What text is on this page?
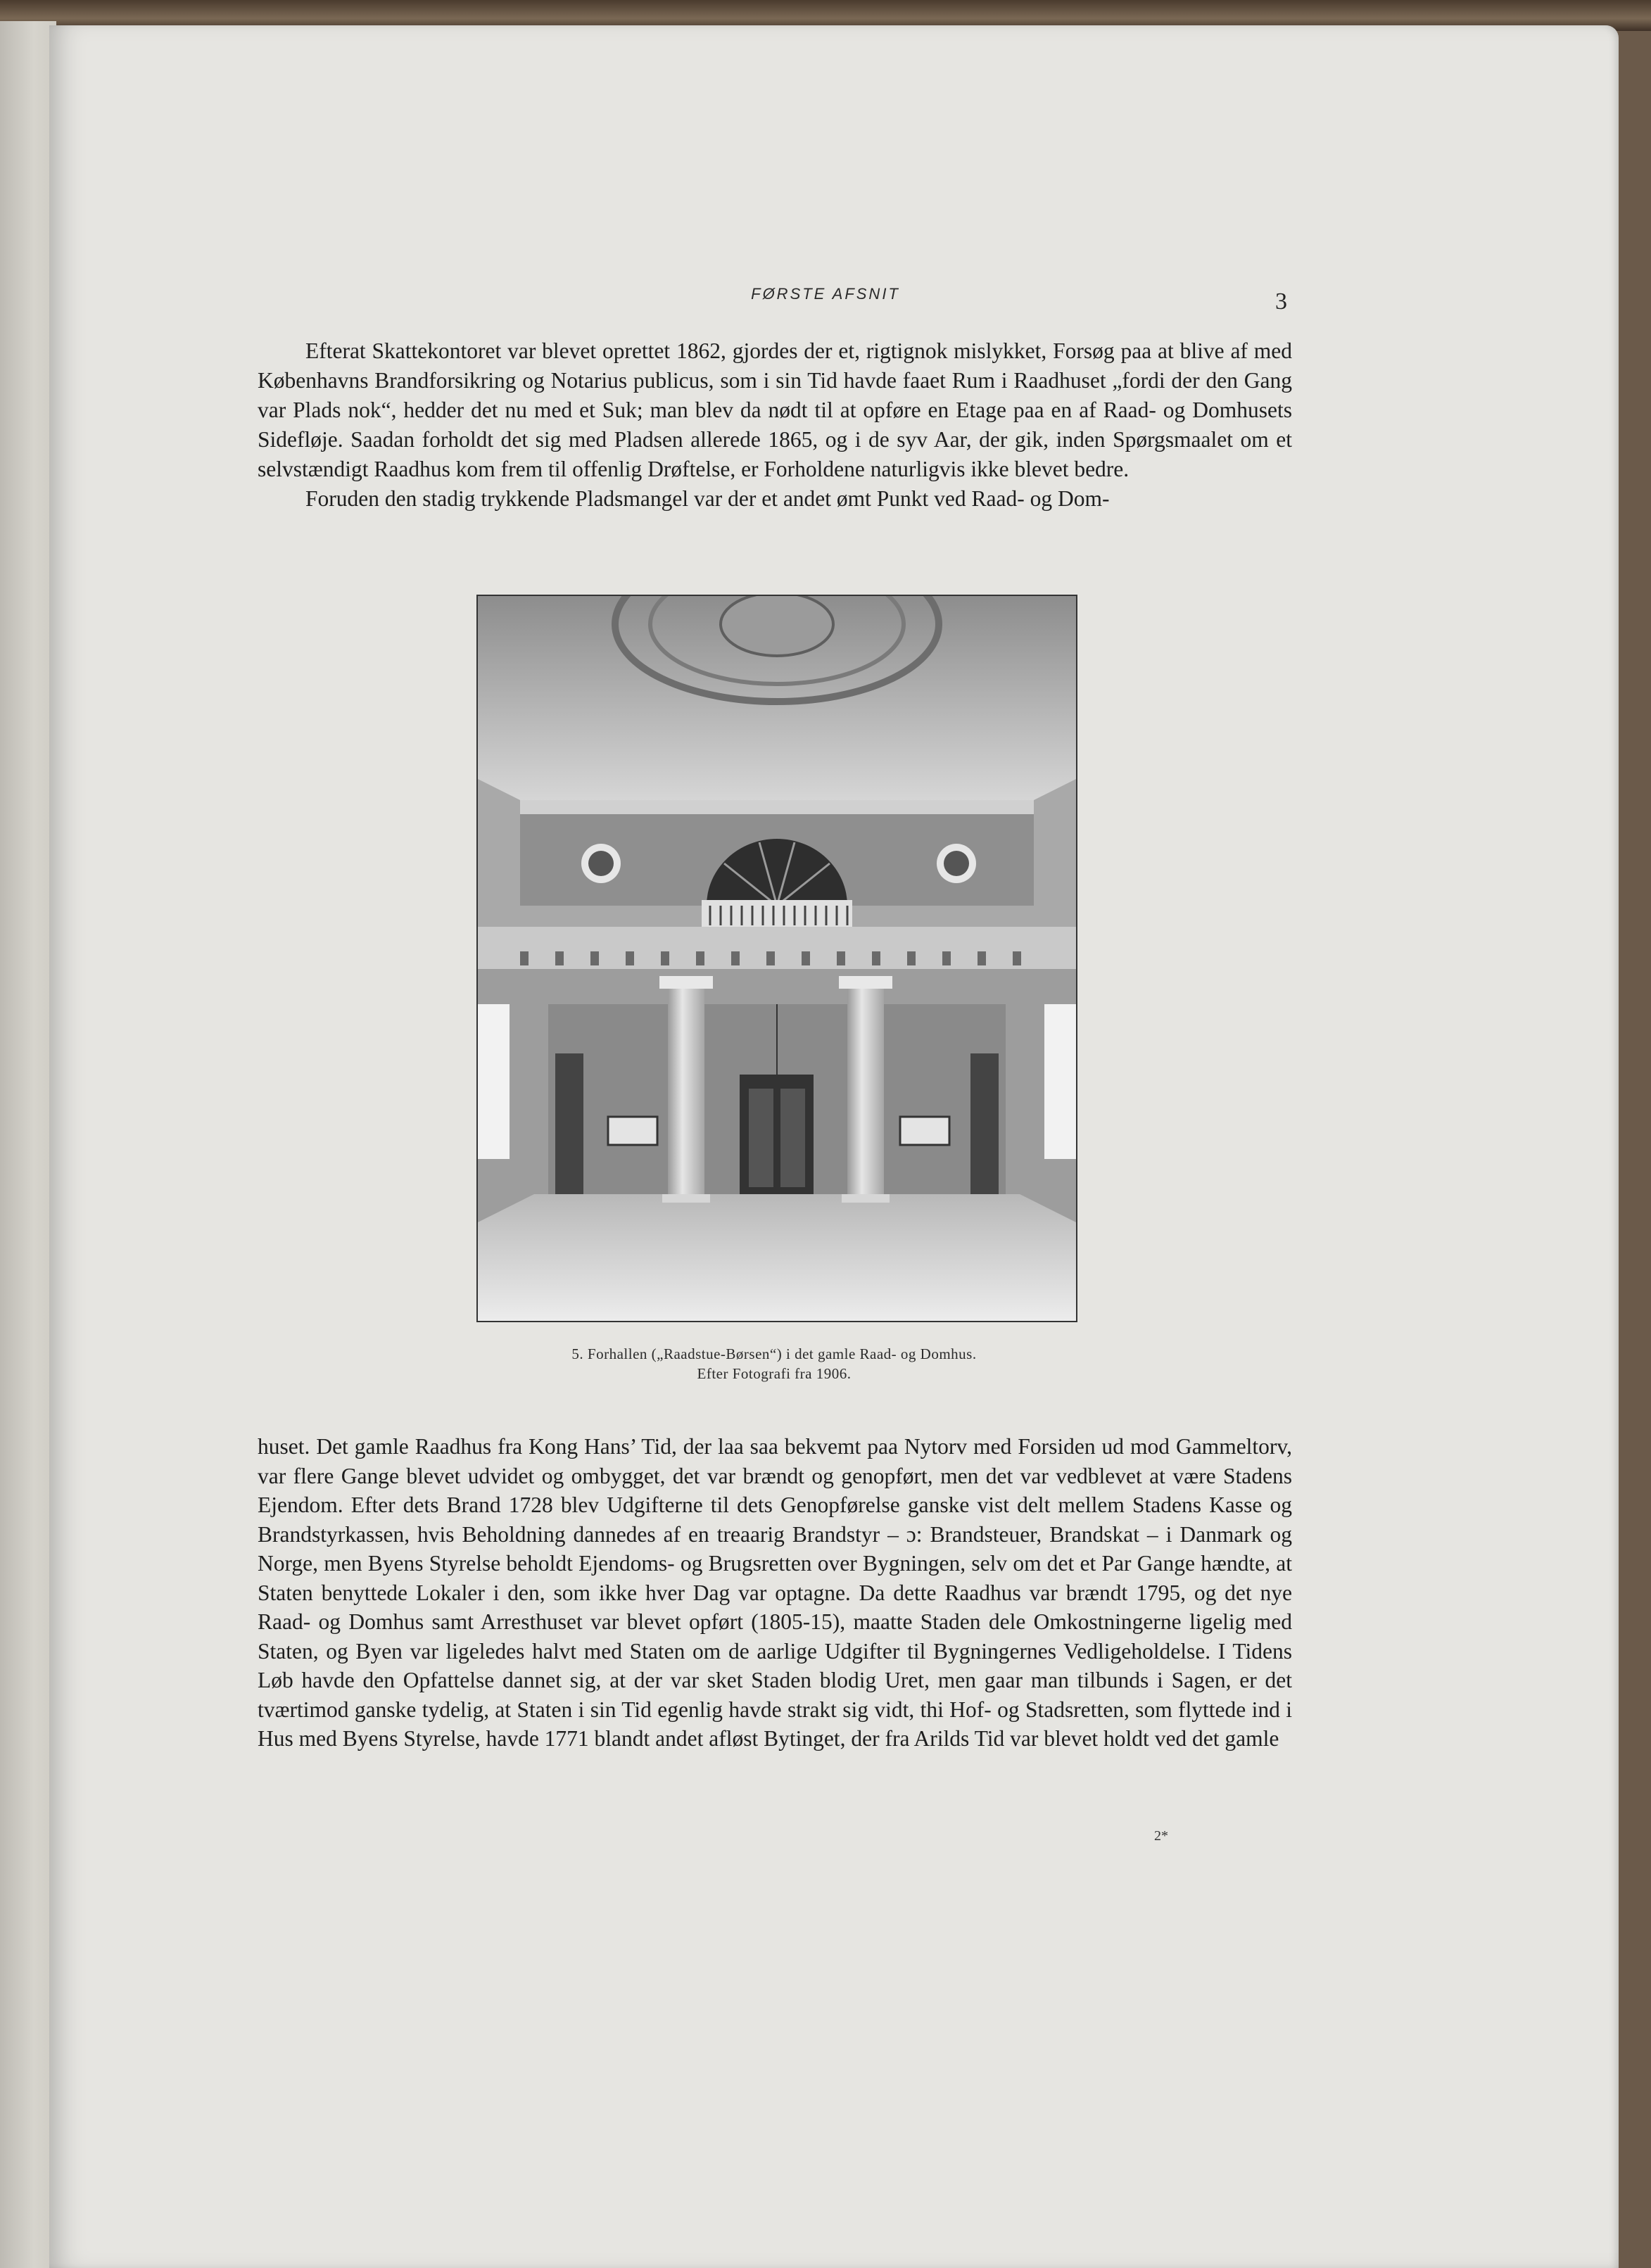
FØRSTE AFSNIT	3

Efterat Skattekontoret var blevet oprettet 1862, gjordes der et, rigtignok mislykket, Forsøg paa at blive af med Københavns Brandforsikring og Notarius publicus, som i sin Tid havde faaet Rum i Raadhuset „fordi der den Gang var Plads nok“, hedder det nu med et Suk; man blev da nødt til at opføre en Etage paa en af Raad- og Domhusets Sidefløje. Saadan forholdt det sig med Pladsen allerede 1865, og i de syv Aar, der gik, inden Spørgsmaalet om et selvstændigt Raadhus kom frem til offenlig Drøftelse, er Forholdene naturligvis ikke blevet bedre.

Foruden den stadig trykkende Pladsmangel var der et andet ømt Punkt ved Raad- og Dom-

5. Forhallen („Raadstue-Børsen“) i det gamle Raad- og Domhus.
Efter Fotografi fra 1906.

huset. Det gamle Raadhus fra Kong Hans’ Tid, der laa saa bekvemt paa Nytorv med Forsiden ud mod Gammeltorv, var flere Gange blevet udvidet og ombygget, det var brændt og genopført, men det var vedblevet at være Stadens Ejendom. Efter dets Brand 1728 blev Udgifterne til dets Genopførelse ganske vist delt mellem Stadens Kasse og Brandstyrkassen, hvis Beholdning dannedes af en treaarig Brandstyr – ɔ: Brandsteuer, Brandskat – i Danmark og Norge, men Byens Styrelse beholdt Ejendoms- og Brugsretten over Bygningen, selv om det et Par Gange hændte, at Staten benyttede Lokaler i den, som ikke hver Dag var optagne. Da dette Raadhus var brændt 1795, og det nye Raad- og Domhus samt Arresthuset var blevet opført (1805-15), maatte Staden dele Omkostningerne ligelig med Staten, og Byen var ligeledes halvt med Staten om de aarlige Udgifter til Bygningernes Vedligeholdelse. I Tidens Løb havde den Opfattelse dannet sig, at der var sket Staden blodig Uret, men gaar man tilbunds i Sagen, er det tværtimod ganske tydelig, at Staten i sin Tid egenlig havde strakt sig vidt, thi Hof- og Stadsretten, som flyttede ind i Hus med Byens Styrelse, havde 1771 blandt andet afløst Bytinget, der fra Arilds Tid var blevet holdt ved det gamle

2*
